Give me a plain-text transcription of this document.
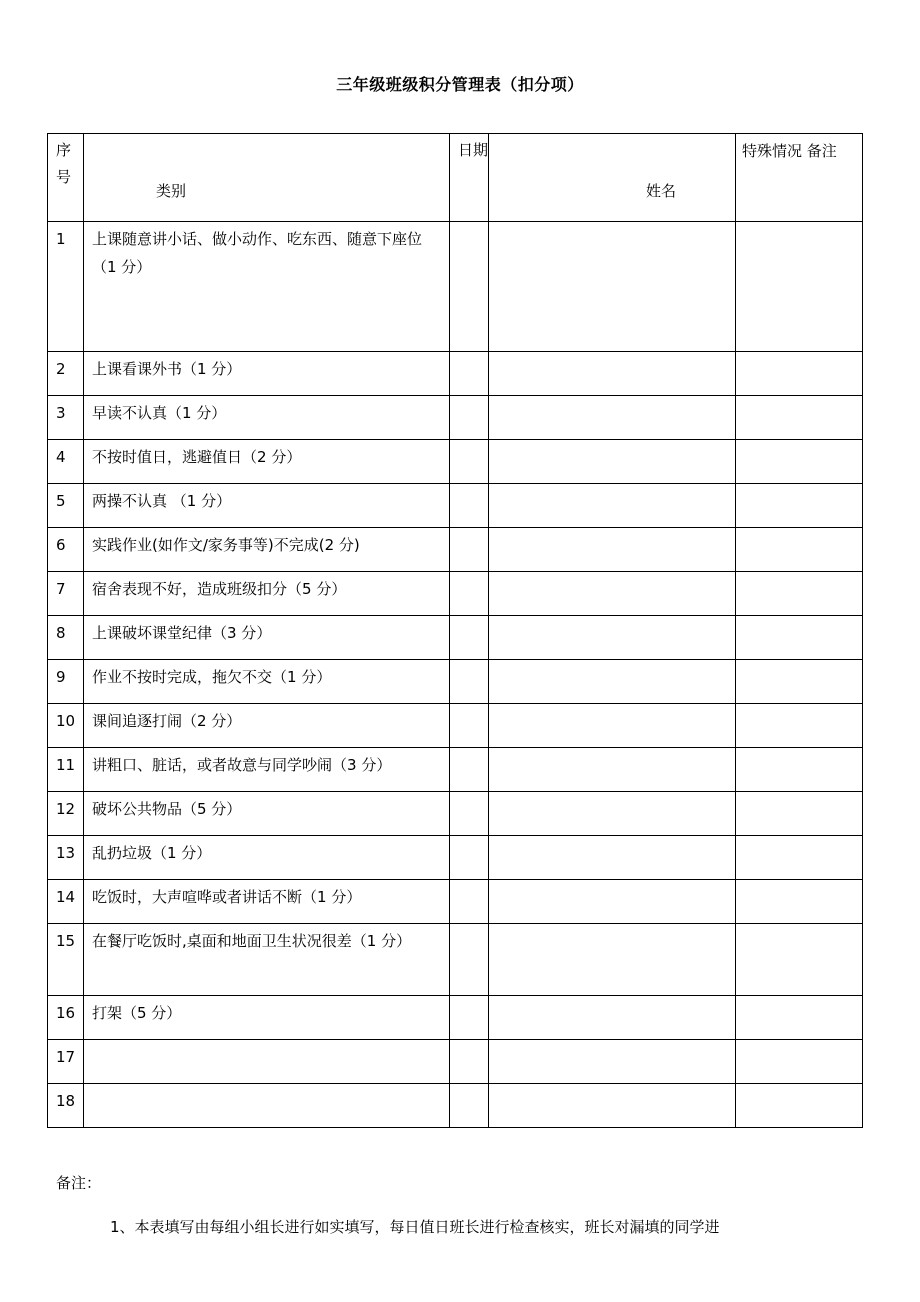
三年级班级积分管理表（扣分项）
序号	类别	日期	姓名	特殊情况 备注

1	上课随意讲小话、做小动作、吃东西、随意下座位（1 分）			

2	上课看课外书（1 分）			

3	早读不认真（1 分）			

4	不按时值日，逃避值日（2 分）			

5	两操不认真 （1 分）			

6	实践作业(如作文/家务事等)不完成(2 分)			

7	宿舍表现不好，造成班级扣分（5 分）			

8	上课破坏课堂纪律（3 分）			

9	作业不按时完成，拖欠不交（1 分）			

10	课间追逐打闹（2 分）			

11	讲粗口、脏话，或者故意与同学吵闹（3 分）			

12	破坏公共物品（5 分）			

13	乱扔垃圾（1 分）			

14	吃饭时，大声喧哗或者讲话不断（1 分）			

15	在餐厅吃饭时,桌面和地面卫生状况很差（1 分）			

16	打架（5 分）			

17				

18				

备注：
1、本表填写由每组小组长进行如实填写，每日值日班长进行检查核实，班长对漏填的同学进
